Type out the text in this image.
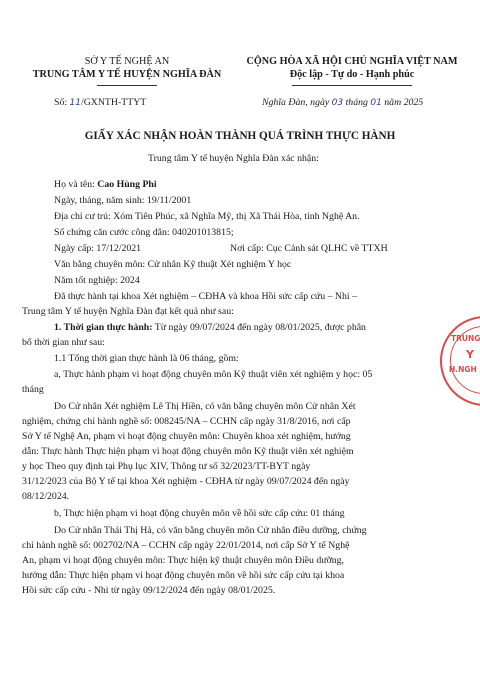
SỞ Y TẾ NGHỆ AN
TRUNG TÂM Y TẾ HUYỆN NGHĨA ĐÀN
CỘNG HÒA XÃ HỘI CHỦ NGHĨA VIỆT NAM
Độc lập - Tự do - Hạnh phúc
Số: 11/GXNTH-TTYT	Nghĩa Đàn, ngày 03 tháng 01 năm 2025
GIẤY XÁC NHẬN HOÀN THÀNH QUÁ TRÌNH THỰC HÀNH
Trung tâm Y tế huyện Nghĩa Đàn xác nhận:
Họ và tên: Cao Hùng Phi
Ngày, tháng, năm sinh: 19/11/2001
Địa chỉ cư trú: Xóm Tiên Phúc, xã Nghĩa Mỹ, thị Xã Thái Hòa, tỉnh Nghệ An.
Số chứng căn cước công dân: 040201013815;
Ngày cấp: 17/12/2021	Nơi cấp: Cục Cảnh sát QLHC về TTXH
Văn bằng chuyên môn: Cử nhân Kỹ thuật Xét nghiệm Y học
Năm tốt nghiệp: 2024
Đã thực hành tại khoa Xét nghiệm – CĐHA và khoa Hồi sức cấp cứu – Nhi –
Trung tâm Y tế huyện Nghĩa Đàn đạt kết quả như sau:
1. Thời gian thực hành: Từ ngày 09/07/2024 đến ngày 08/01/2025, được phân
bổ thời gian như sau:
1.1 Tổng thời gian thực hành là 06 tháng, gồm:
a, Thực hành phạm vi hoạt động chuyên môn Kỹ thuật viên xét nghiệm y học: 05
tháng
Do Cử nhân Xét nghiệm Lê Thị Hiền, có văn bằng chuyên môn Cử nhân Xét
nghiệm, chứng chỉ hành nghề số: 008245/NA – CCHN cấp ngày 31/8/2016, nơi cấp
Sở Y tế Nghệ An, phạm vi hoạt động chuyên môn: Chuyên khoa xét nghiệm, hướng
dẫn: Thực hành Thực hiện phạm vi hoạt động chuyên môn Kỹ thuật viên xét nghiệm
y học Theo quy định tại Phụ lục XIV, Thông tư số 32/2023/TT-BYT ngày
31/12/2023 của Bộ Y tế tại khoa Xét nghiệm - CĐHA từ ngày 09/07/2024 đến ngày
08/12/2024.
b, Thực hiện phạm vi hoạt động chuyên môn về hồi sức cấp cứu: 01 tháng
Do Cử nhân Thái Thị Hà, có văn bằng chuyên môn Cử nhân điều dưỡng, chứng
chỉ hành nghề số: 002702/NA – CCHN cấp ngày 22/01/2014, nơi cấp Sở Y tế Nghệ
An, phạm vi hoạt động chuyên môn: Thực hiện kỹ thuật chuyên môn Điều dưỡng,
hướng dẫn: Thực hiện phạm vi hoạt động chuyên môn về hồi sức cấp cứu tại khoa
Hồi sức cấp cứu - Nhi từ ngày 09/12/2024 đến ngày 08/01/2025.
TRUNG
Y
H.NGH
